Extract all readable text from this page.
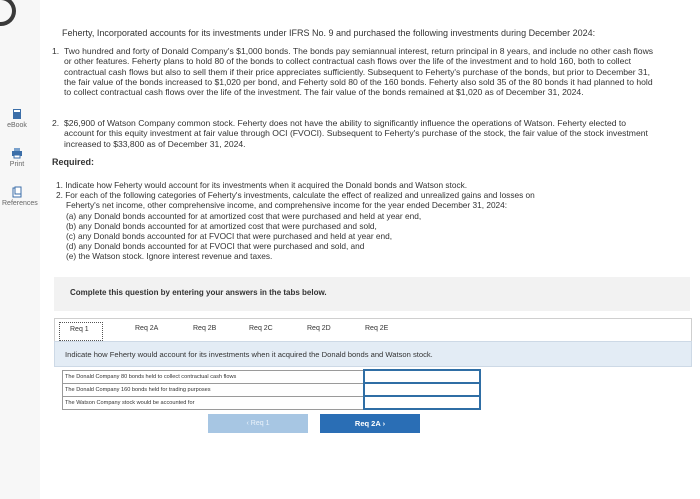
eBook
Print
References
Feherty, Incorporated accounts for its investments under IFRS No. 9 and purchased the following investments during December 2024:
1. Two hundred and forty of Donald Company's $1,000 bonds. The bonds pay semiannual interest, return principal in 8 years, and include no other cash flows or other features. Feherty plans to hold 80 of the bonds to collect contractual cash flows over the life of the investment and to hold 160, both to collect contractual cash flows but also to sell them if their price appreciates sufficiently. Subsequent to Feherty's purchase of the bonds, but prior to December 31, the fair value of the bonds increased to $1,020 per bond, and Feherty sold 80 of the 160 bonds. Feherty also sold 35 of the 80 bonds it had planned to hold to collect contractual cash flows over the life of the investment. The fair value of the bonds remained at $1,020 as of December 31, 2024.
2. $26,900 of Watson Company common stock. Feherty does not have the ability to significantly influence the operations of Watson. Feherty elected to account for this equity investment at fair value through OCI (FVOCI). Subsequent to Feherty's purchase of the stock, the fair value of the stock investment increased to $33,800 as of December 31, 2024.
Required:
1. Indicate how Feherty would account for its investments when it acquired the Donald bonds and Watson stock.
2. For each of the following categories of Feherty's investments, calculate the effect of realized and unrealized gains and losses on
Feherty's net income, other comprehensive income, and comprehensive income for the year ended December 31, 2024:
(a) any Donald bonds accounted for at amortized cost that were purchased and held at year end,
(b) any Donald bonds accounted for at amortized cost that were purchased and sold,
(c) any Donald bonds accounted for at FVOCI that were purchased and held at year end,
(d) any Donald bonds accounted for at FVOCI that were purchased and sold, and
(e) the Watson stock. Ignore interest revenue and taxes.
Complete this question by entering your answers in the tabs below.
Req 1	Req 2A	Req 2B	Req 2C	Req 2D	Req 2E
Indicate how Feherty would account for its investments when it acquired the Donald bonds and Watson stock.
The Donald Company 80 bonds held to collect contractual cash flows	
The Donald Company 160 bonds held for trading purposes	
The Watson Company stock would be accounted for	
‹ Req 1	Req 2A ›
